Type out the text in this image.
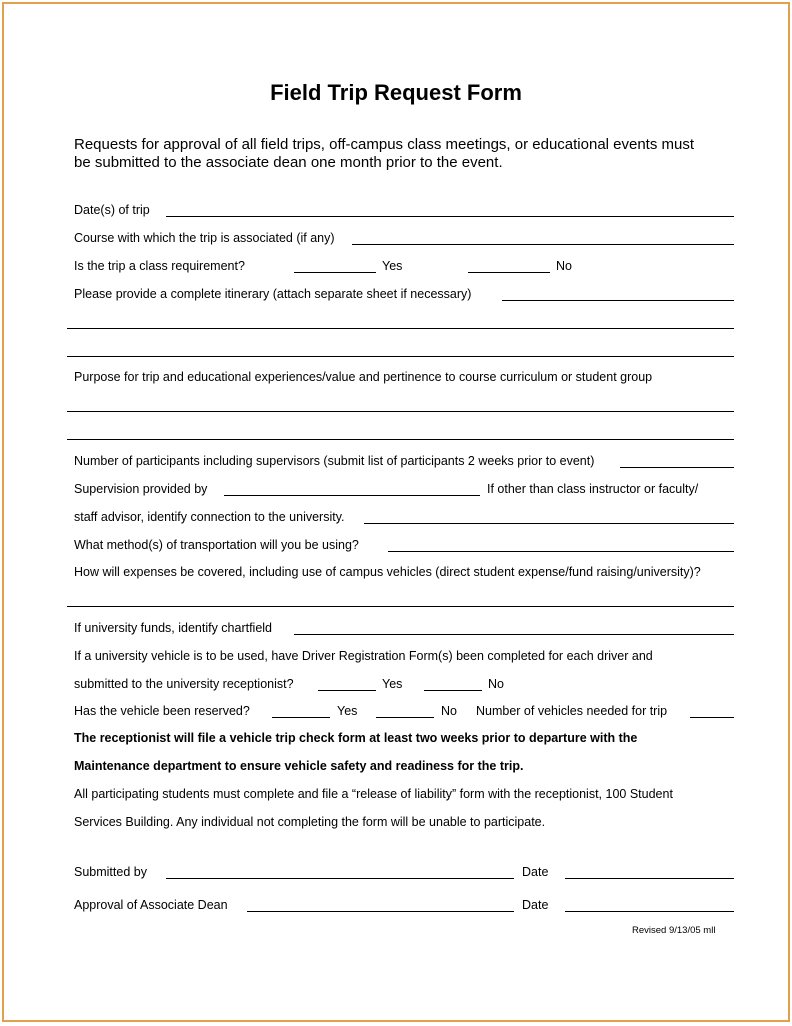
Field Trip Request Form
Requests for approval of all field trips, off-campus class meetings, or educational events must
be submitted to the associate dean one month prior to the event.
Date(s) of trip
Course with which the trip is associated (if any)
Is the trip a class requirement?	Yes	No
Please provide a complete itinerary (attach separate sheet if necessary)
Purpose for trip and educational experiences/value and pertinence to course curriculum or student group
Number of participants including supervisors (submit list of participants 2 weeks prior to event)
Supervision provided by	If other than class instructor or faculty/
staff advisor, identify connection to the university.
What method(s) of transportation will you be using?
How will expenses be covered, including use of campus vehicles (direct student expense/fund raising/university)?
If university funds, identify chartfield
If a university vehicle is to be used, have Driver Registration Form(s) been completed for each driver and
submitted to the university receptionist?	Yes	No
Has the vehicle been reserved?	Yes	No Number of vehicles needed for trip
The receptionist will file a vehicle trip check form at least two weeks prior to departure with the
Maintenance department to ensure vehicle safety and readiness for the trip.
All participating students must complete and file a “release of liability” form with the receptionist, 100 Student
Services Building. Any individual not completing the form will be unable to participate.
Submitted by	Date
Approval of Associate Dean	Date
Revised 9/13/05 mll
